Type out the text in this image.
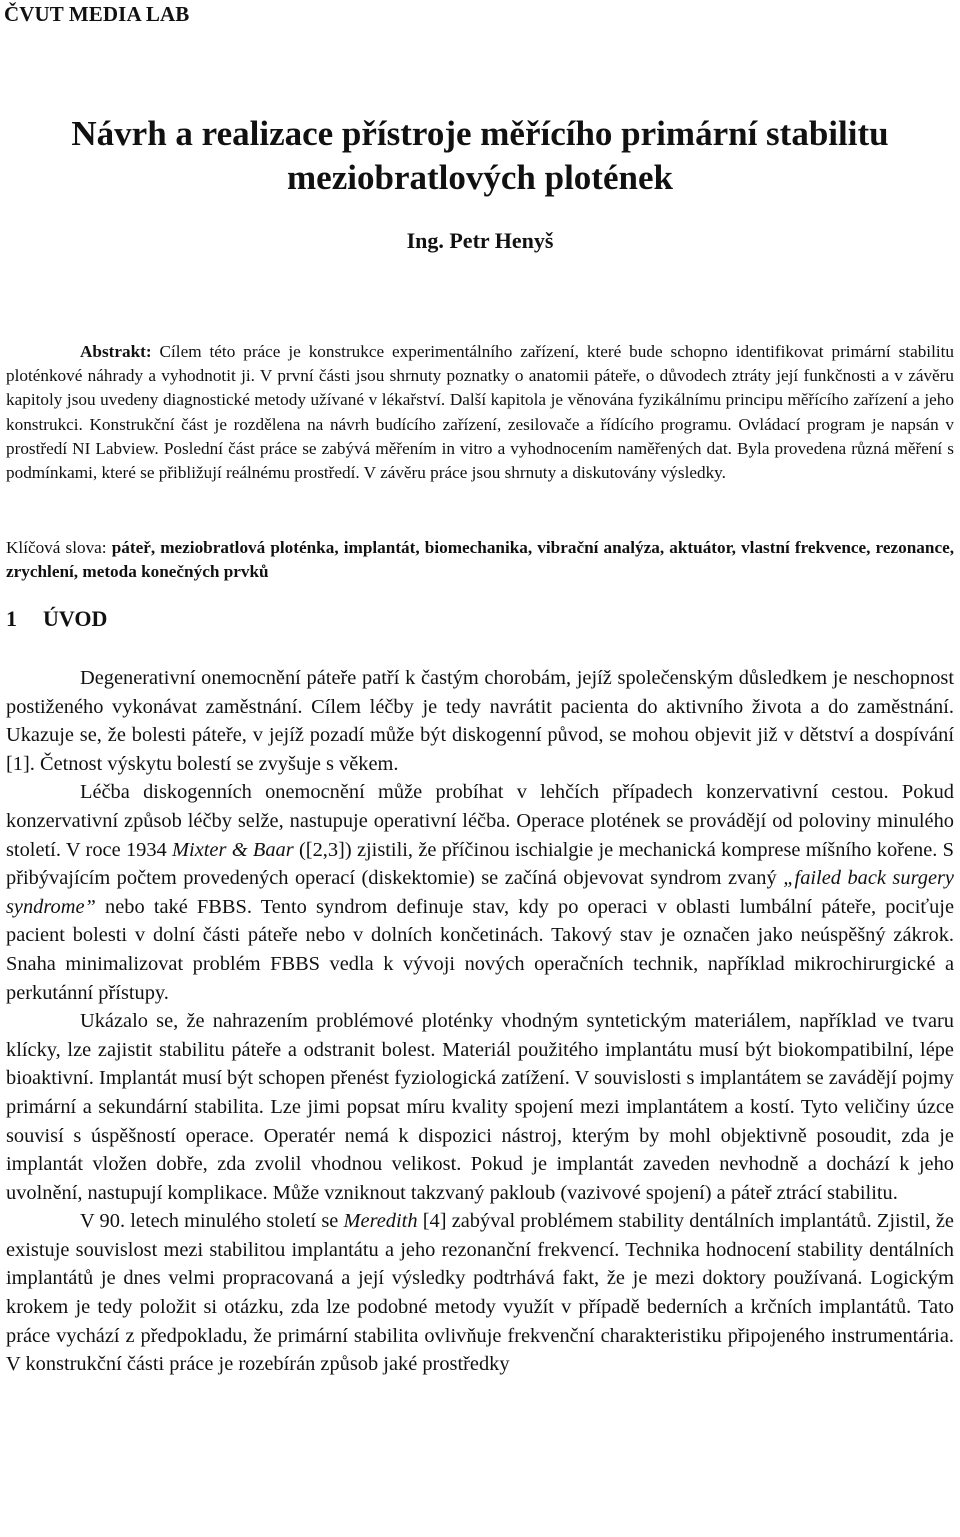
ČVUT MEDIA LAB
Návrh a realizace přístroje měřícího primární stabilitu
meziobratlových plotének
Ing. Petr Henyš
Abstrakt: Cílem této práce je konstrukce experimentálního zařízení, které bude schopno identifikovat primární stabilitu ploténkové náhrady a vyhodnotit ji. V první části jsou shrnuty poznatky o anatomii páteře, o důvodech ztráty její funkčnosti a v závěru kapitoly jsou uvedeny diagnostické metody užívané v lékařství. Další kapitola je věnována fyzikálnímu principu měřícího zařízení a jeho konstrukci. Konstrukční část je rozdělena na návrh budícího zařízení, zesilovače a řídícího programu. Ovládací program je napsán v prostředí NI Labview. Poslední část práce se zabývá měřením in vitro a vyhodnocením naměřených dat. Byla provedena různá měření s podmínkami, které se přibližují reálnému prostředí. V závěru práce jsou shrnuty a diskutovány výsledky.
Klíčová slova: páteř, meziobratlová ploténka, implantát, biomechanika, vibrační analýza, aktuátor, vlastní frekvence, rezonance, zrychlení, metoda konečných prvků
1 ÚVOD

Degenerativní onemocnění páteře patří k častým chorobám, jejíž společenským důsledkem je neschopnost postiženého vykonávat zaměstnání. Cílem léčby je tedy navrátit pacienta do aktivního života a do zaměstnání. Ukazuje se, že bolesti páteře, v jejíž pozadí může být diskogenní původ, se mohou objevit již v dětství a dospívání [1]. Četnost výskytu bolestí se zvyšuje s věkem.

Léčba diskogenních onemocnění může probíhat v lehčích případech konzervativní cestou. Pokud konzervativní způsob léčby selže, nastupuje operativní léčba. Operace plotének se provádějí od poloviny minulého století. V roce 1934 Mixter & Baar ([2,3]) zjistili, že příčinou ischialgie je mechanická komprese míšního kořene. S přibývajícím počtem provedených operací (diskektomie) se začíná objevovat syndrom zvaný „failed back surgery syndrome” nebo také FBBS. Tento syndrom definuje stav, kdy po operaci v oblasti lumbální páteře, pociťuje pacient bolesti v dolní části páteře nebo v dolních končetinách. Takový stav je označen jako neúspěšný zákrok. Snaha minimalizovat problém FBBS vedla k vývoji nových operačních technik, například mikrochirurgické a perkutánní přístupy.

Ukázalo se, že nahrazením problémové ploténky vhodným syntetickým materiálem, například ve tvaru klícky, lze zajistit stabilitu páteře a odstranit bolest. Materiál použitého implantátu musí být biokompatibilní, lépe bioaktivní. Implantát musí být schopen přenést fyziologická zatížení. V souvislosti s implantátem se zavádějí pojmy primární a sekundární stabilita. Lze jimi popsat míru kvality spojení mezi implantátem a kostí. Tyto veličiny úzce souvisí s úspěšností operace. Operatér nemá k dispozici nástroj, kterým by mohl objektivně posoudit, zda je implantát vložen dobře, zda zvolil vhodnou velikost. Pokud je implantát zaveden nevhodně a dochází k jeho uvolnění, nastupují komplikace. Může vzniknout takzvaný pakloub (vazivové spojení) a páteř ztrácí stabilitu.

V 90. letech minulého století se Meredith [4] zabýval problémem stability dentálních implantátů. Zjistil, že existuje souvislost mezi stabilitou implantátu a jeho rezonanční frekvencí. Technika hodnocení stability dentálních implantátů je dnes velmi propracovaná a její výsledky podtrhává fakt, že je mezi doktory používaná. Logickým krokem je tedy položit si otázku, zda lze podobné metody využít v případě bederních a krčních implantátů. Tato práce vychází z předpokladu, že primární stabilita ovlivňuje frekvenční charakteristiku připojeného instrumentária. V konstrukční části práce je rozebírán způsob jaké prostředky
